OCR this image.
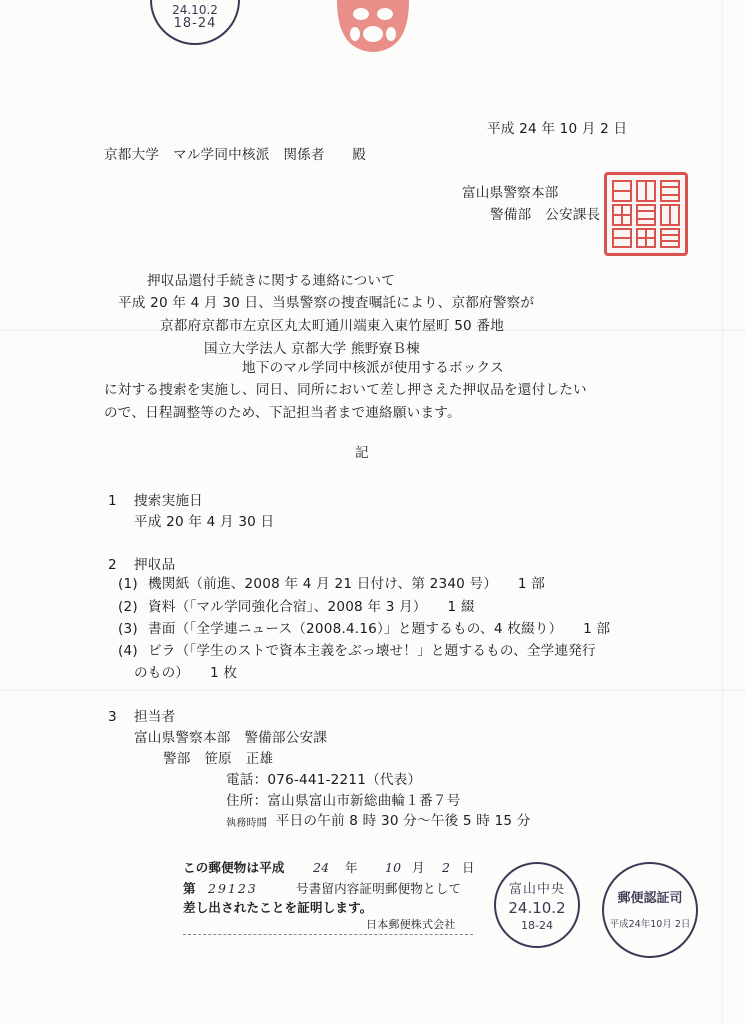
24.10.2
18-24
平成 24 年 10 月 2 日
京都大学　マル学同中核派　関係者　　殿
富山県警察本部
警備部　公安課長
押収品還付手続きに関する連絡について
平成 20 年 4 月 30 日、当県警察の捜査嘱託により、京都府警察が
京都府京都市左京区丸太町通川端東入東竹屋町 50 番地
国立大学法人 京都大学 熊野寮Ｂ棟
地下のマル学同中核派が使用するボックス
に対する捜索を実施し、同日、同所において差し押さえた押収品を還付したい
ので、日程調整等のため、下記担当者まで連絡願います。
記
1 捜索実施日
平成 20 年 4 月 30 日
2 押収品
(1) 機関紙（前進、2008 年 4 月 21 日付け、第 2340 号）　　1 部
(2) 資料（「マル学同強化合宿」、2008 年 3 月）　　1 綴
(3) 書面（「全学連ニュース（2008.4.16）」と題するもの、4 枚綴り）　　1 部
(4) ビラ（「学生のストで資本主義をぶっ壊せ！」と題するもの、全学連発行
のもの）　　1 枚
3 担当者
富山県警察本部　警備部公安課
警部　笹原　正雄
電話：076-441-2211（代表）
住所：富山県富山市新総曲輪１番７号
執務時間
：平日の午前 8 時 30 分～午後 5 時 15 分
この郵便物は平成 24 年 10 月 2 日
第 29123	号書留内容証明郵便物として
差し出されたことを証明します。
日本郵便株式会社
富山中央
24.10.2
18-24
郵便認証司
平成24年10月 2日
